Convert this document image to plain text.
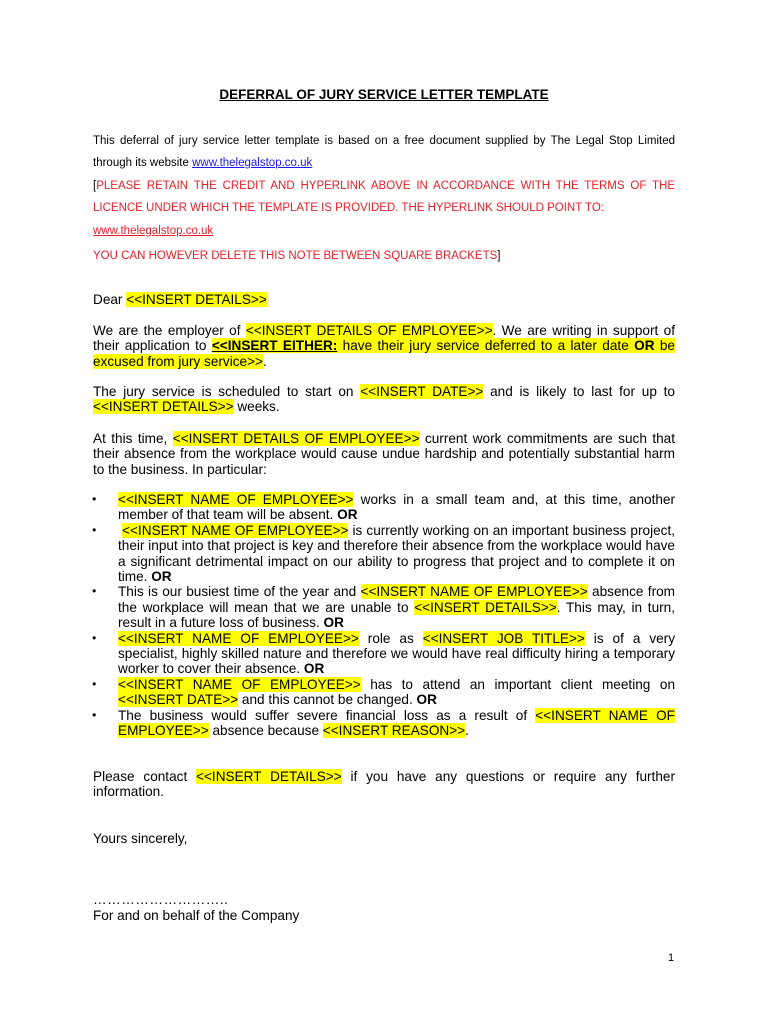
DEFERRAL OF JURY SERVICE LETTER TEMPLATE
This deferral of jury service letter template is based on a free document supplied by The Legal Stop Limited through its website www.thelegalstop.co.uk
[PLEASE RETAIN THE CREDIT AND HYPERLINK ABOVE IN ACCORDANCE WITH THE TERMS OF THE LICENCE UNDER WHICH THE TEMPLATE IS PROVIDED. THE HYPERLINK SHOULD POINT TO:
www.thelegalstop.co.uk
YOU CAN HOWEVER DELETE THIS NOTE BETWEEN SQUARE BRACKETS]
Dear <<INSERT DETAILS>>
We are the employer of <<INSERT DETAILS OF EMPLOYEE>>. We are writing in support of their application to <<INSERT EITHER: have their jury service deferred to a later date OR be excused from jury service>>.
The jury service is scheduled to start on <<INSERT DATE>> and is likely to last for up to <<INSERT DETAILS>> weeks.
At this time, <<INSERT DETAILS OF EMPLOYEE>> current work commitments are such that their absence from the workplace would cause undue hardship and potentially substantial harm to the business. In particular:
• <<INSERT NAME OF EMPLOYEE>> works in a small team and, at this time, another member of that team will be absent. OR
• <<INSERT NAME OF EMPLOYEE>> is currently working on an important business project, their input into that project is key and therefore their absence from the workplace would have a significant detrimental impact on our ability to progress that project and to complete it on time. OR
• This is our busiest time of the year and <<INSERT NAME OF EMPLOYEE>> absence from the workplace will mean that we are unable to <<INSERT DETAILS>>. This may, in turn, result in a future loss of business. OR
• <<INSERT NAME OF EMPLOYEE>> role as <<INSERT JOB TITLE>> is of a very specialist, highly skilled nature and therefore we would have real difficulty hiring a temporary worker to cover their absence. OR
• <<INSERT NAME OF EMPLOYEE>> has to attend an important client meeting on <<INSERT DATE>> and this cannot be changed. OR
• The business would suffer severe financial loss as a result of <<INSERT NAME OF EMPLOYEE>> absence because <<INSERT REASON>>.
Please contact <<INSERT DETAILS>> if you have any questions or require any further information.
Yours sincerely,
………………………..
For and on behalf of the Company
1
